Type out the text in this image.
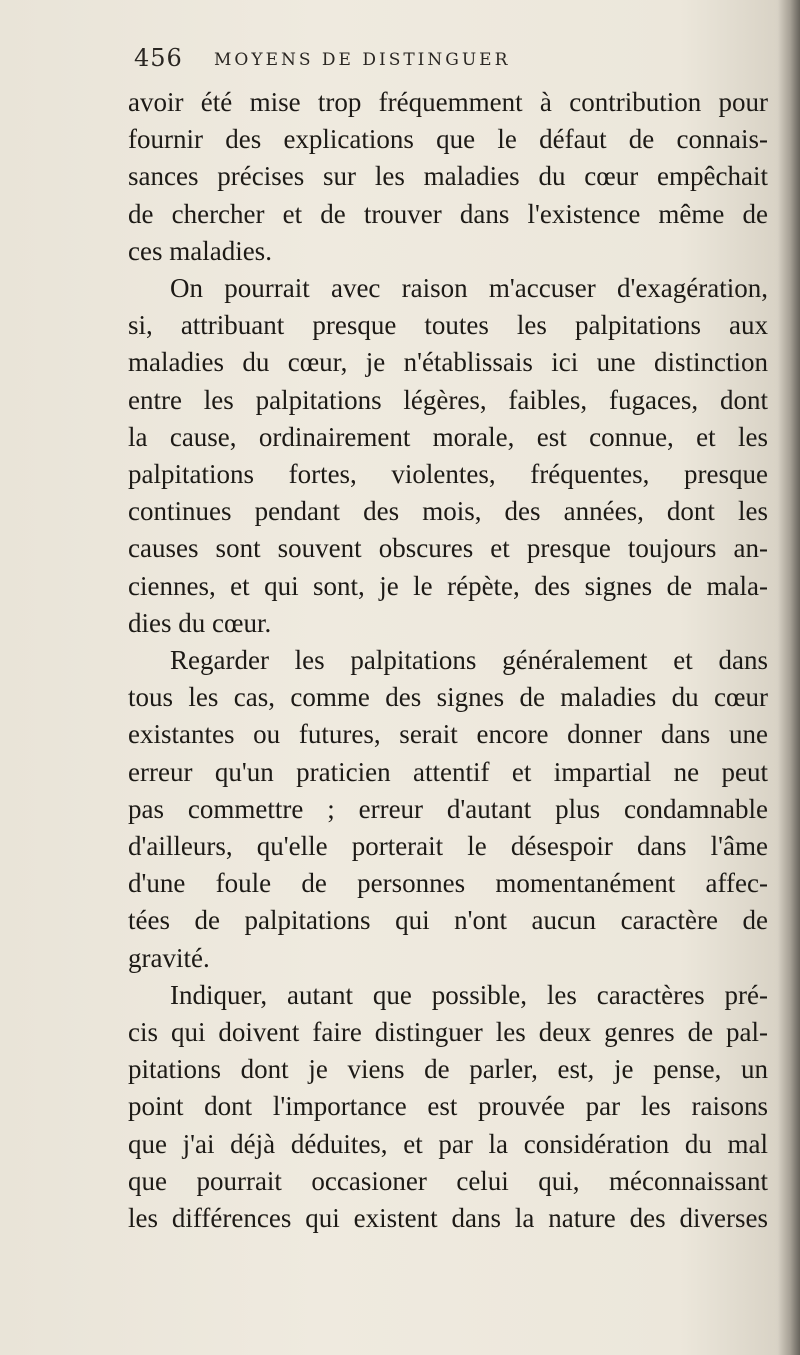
456 MOYENS DE DISTINGUER
avoir été mise trop fréquemment à contribution pour
fournir des explications que le défaut de connais-
sances précises sur les maladies du cœur empêchait
de chercher et de trouver dans l'existence même de
ces maladies.
On pourrait avec raison m'accuser d'exagération,
si, attribuant presque toutes les palpitations aux
maladies du cœur, je n'établissais ici une distinction
entre les palpitations légères, faibles, fugaces, dont
la cause, ordinairement morale, est connue, et les
palpitations fortes, violentes, fréquentes, presque
continues pendant des mois, des années, dont les
causes sont souvent obscures et presque toujours an-
ciennes, et qui sont, je le répète, des signes de mala-
dies du cœur.
Regarder les palpitations généralement et dans
tous les cas, comme des signes de maladies du cœur
existantes ou futures, serait encore donner dans une
erreur qu'un praticien attentif et impartial ne peut
pas commettre ; erreur d'autant plus condamnable
d'ailleurs, qu'elle porterait le désespoir dans l'âme
d'une foule de personnes momentanément affec-
tées de palpitations qui n'ont aucun caractère de
gravité.
Indiquer, autant que possible, les caractères pré-
cis qui doivent faire distinguer les deux genres de pal-
pitations dont je viens de parler, est, je pense, un
point dont l'importance est prouvée par les raisons
que j'ai déjà déduites, et par la considération du mal
que pourrait occasioner celui qui, méconnaissant
les différences qui existent dans la nature des diverses
